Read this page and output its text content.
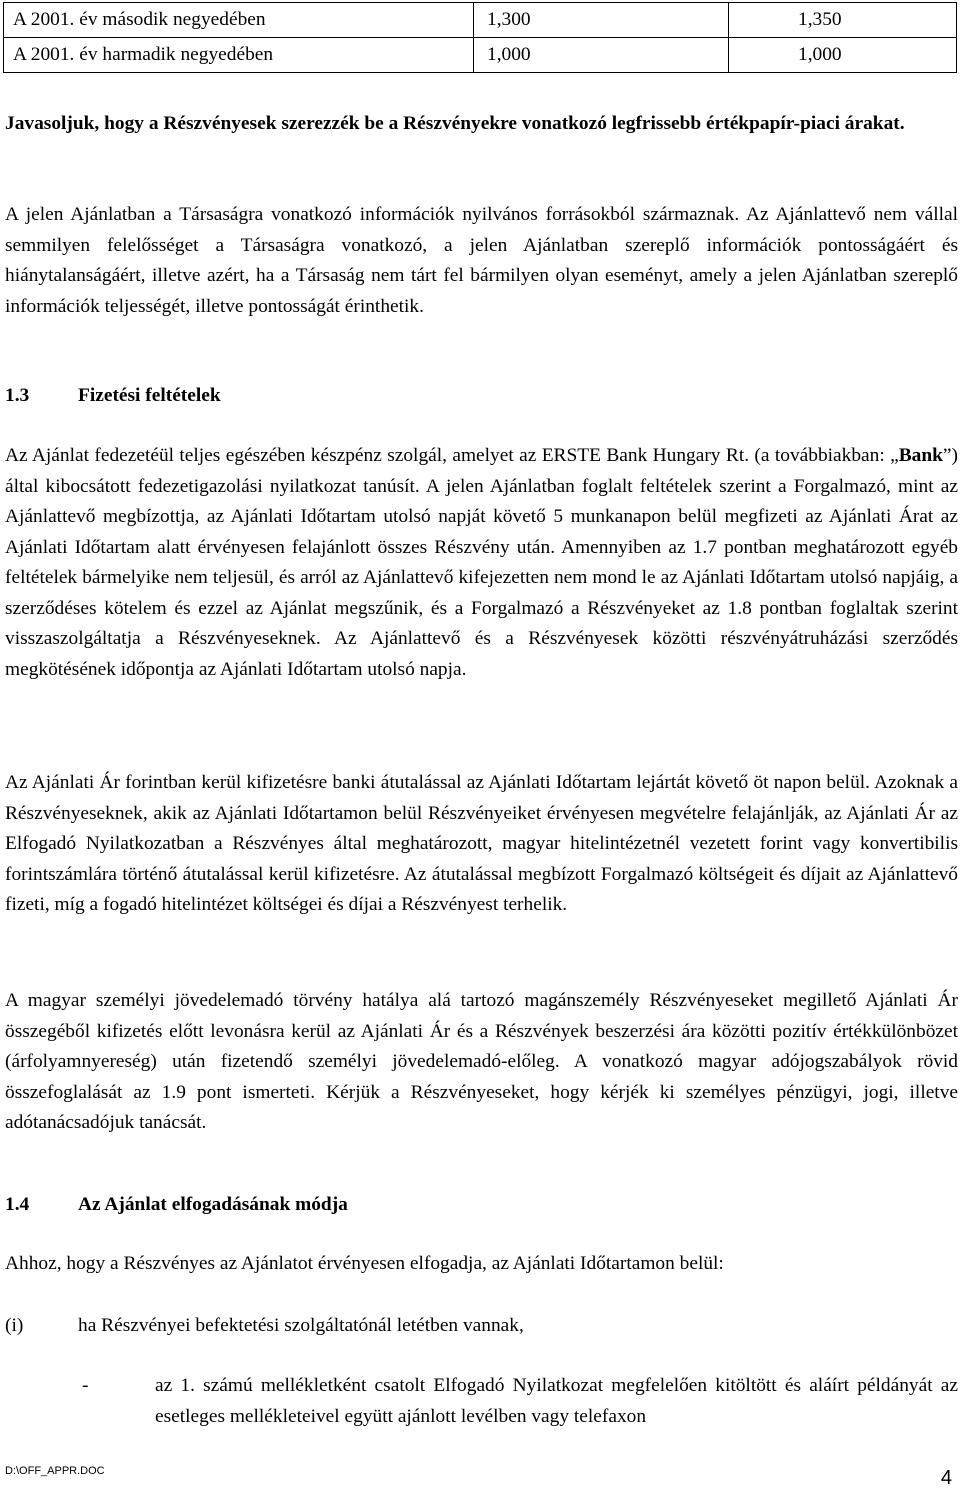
A 2001. év második negyedében	1,300	1,350
A 2001. év harmadik negyedében	1,000	1,000

Javasoljuk, hogy a Részvényesek szerezzék be a Részvényekre vonatkozó legfrissebb értékpapír-piaci árakat.

A jelen Ajánlatban a Társaságra vonatkozó információk nyilvános forrásokból származnak. Az Ajánlattevő nem vállal semmilyen felelősséget a Társaságra vonatkozó, a jelen Ajánlatban szereplő információk pontosságáért és hiánytalanságáért, illetve azért, ha a Társaság nem tárt fel bármilyen olyan eseményt, amely a jelen Ajánlatban szereplő információk teljességét, illetve pontosságát érinthetik.

1.3	Fizetési feltételek

Az Ajánlat fedezetéül teljes egészében készpénz szolgál, amelyet az ERSTE Bank Hungary Rt. (a továbbiakban: „Bank”) által kibocsátott fedezetigazolási nyilatkozat tanúsít. A jelen Ajánlatban foglalt feltételek szerint a Forgalmazó, mint az Ajánlattevő megbízottja, az Ajánlati Időtartam utolsó napját követő 5 munkanapon belül megfizeti az Ajánlati Árat az Ajánlati Időtartam alatt érvényesen felajánlott összes Részvény után. Amennyiben az 1.7 pontban meghatározott egyéb feltételek bármelyike nem teljesül, és arról az Ajánlattevő kifejezetten nem mond le az Ajánlati Időtartam utolsó napjáig, a szerződéses kötelem és ezzel az Ajánlat megszűnik, és a Forgalmazó a Részvényeket az 1.8 pontban foglaltak szerint visszaszolgáltatja a Részvényeseknek. Az Ajánlattevő és a Részvényesek közötti részvényátruházási szerződés megkötésének időpontja az Ajánlati Időtartam utolsó napja.

Az Ajánlati Ár forintban kerül kifizetésre banki átutalással az Ajánlati Időtartam lejártát követő öt napon belül. Azoknak a Részvényeseknek, akik az Ajánlati Időtartamon belül Részvényeiket érvényesen megvételre felajánlják, az Ajánlati Ár az Elfogadó Nyilatkozatban a Részvényes által meghatározott, magyar hitelintézetnél vezetett forint vagy konvertibilis forintszámlára történő átutalással kerül kifizetésre. Az átutalással megbízott Forgalmazó költségeit és díjait az Ajánlattevő fizeti, míg a fogadó hitelintézet költségei és díjai a Részvényest terhelik.

A magyar személyi jövedelemadó törvény hatálya alá tartozó magánszemély Részvényeseket megillető Ajánlati Ár összegéből kifizetés előtt levonásra kerül az Ajánlati Ár és a Részvények beszerzési ára közötti pozitív értékkülönbözet (árfolyamnyereség) után fizetendő személyi jövedelemadó-előleg. A vonatkozó magyar adójogszabályok rövid összefoglalását az 1.9 pont ismerteti. Kérjük a Részvényeseket, hogy kérjék ki személyes pénzügyi, jogi, illetve adótanácsadójuk tanácsát.

1.4	Az Ajánlat elfogadásának módja

Ahhoz, hogy a Részvényes az Ajánlatot érvényesen elfogadja, az Ajánlati Időtartamon belül:

(i)	ha Részvényei befektetési szolgáltatónál letétben vannak,

-	az 1. számú mellékletként csatolt Elfogadó Nyilatkozat megfelelően kitöltött és aláírt példányát az esetleges mellékleteivel együtt ajánlott levélben vagy telefaxon
D:\OFF_APPR.DOC	4
